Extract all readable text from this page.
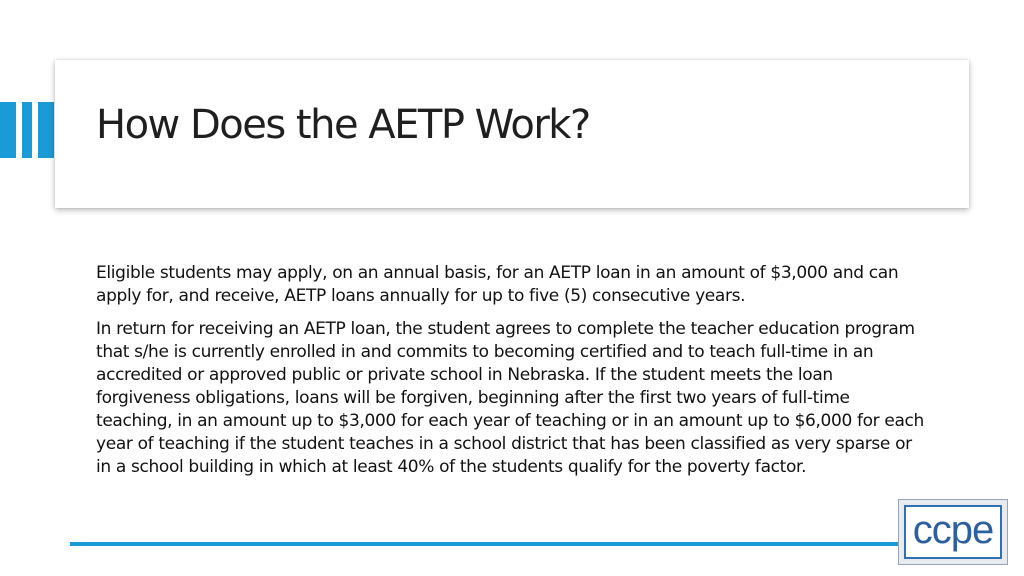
How Does the AETP Work?

Eligible students may apply, on an annual basis, for an AETP loan in an amount of $3,000 and can apply for, and receive, AETP loans annually for up to five (5) consecutive years.

In return for receiving an AETP loan, the student agrees to complete the teacher education program that s/he is currently enrolled in and commits to becoming certified and to teach full-time in an accredited or approved public or private school in Nebraska. If the student meets the loan forgiveness obligations, loans will be forgiven, beginning after the first two years of full-time teaching, in an amount up to $3,000 for each year of teaching or in an amount up to $6,000 for each year of teaching if the student teaches in a school district that has been classified as very sparse or in a school building in which at least 40% of the students qualify for the poverty factor.

ccpe
